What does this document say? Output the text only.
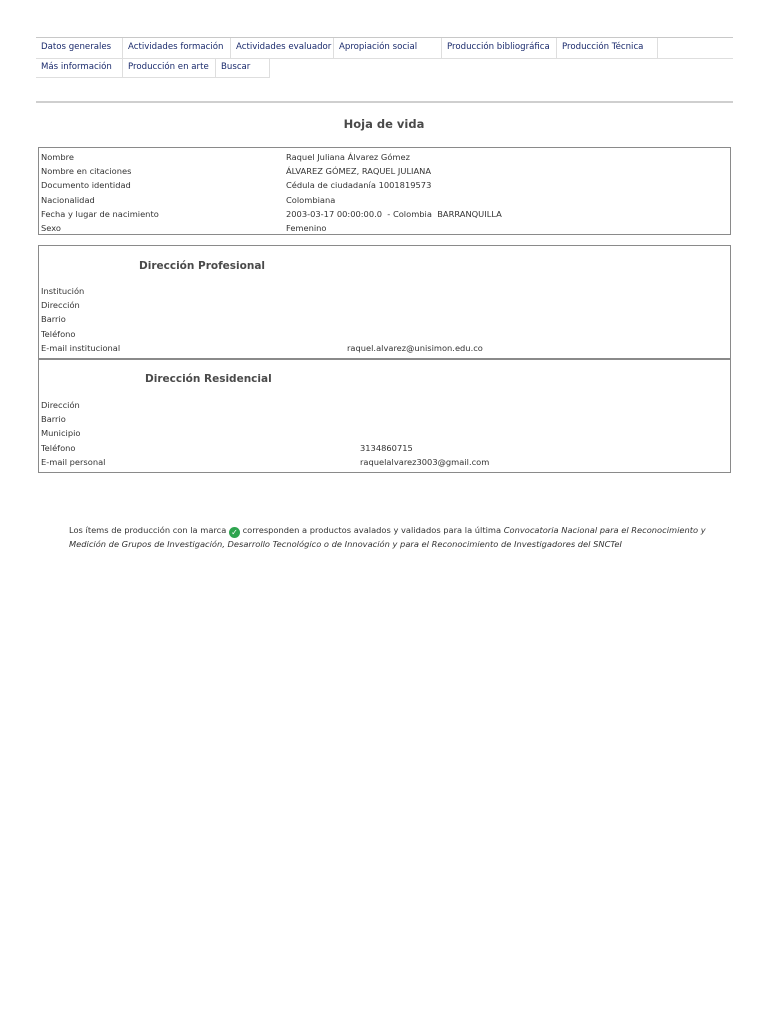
Datos generales	Actividades formación	Actividades evaluador Apropiación social	Producción bibliográfica	Producción Técnica
Más información	Producción en arte	Buscar
Hoja de vida
Nombre	Raquel Juliana Álvarez Gómez
Nombre en citaciones	ÁLVAREZ GÓMEZ, RAQUEL JULIANA
Documento identidad	Cédula de ciudadanía 1001819573
Nacionalidad	Colombiana
Fecha y lugar de nacimiento	2003-03-17 00:00:00.0  - Colombia  BARRANQUILLA
Sexo	Femenino
Dirección Profesional
Institución
Dirección
Barrio
Teléfono
E-mail institucional	raquel.alvarez@unisimon.edu.co
Dirección Residencial
Dirección
Barrio
Municipio
Teléfono	3134860715
E-mail personal	raquelalvarez3003@gmail.com
Los ítems de producción con la marca ✓ corresponden a productos avalados y validados para la última Convocatoria Nacional para el Reconocimiento y Medición de Grupos de Investigación, Desarrollo Tecnológico o de Innovación y para el Reconocimiento de Investigadores del SNCTeI
